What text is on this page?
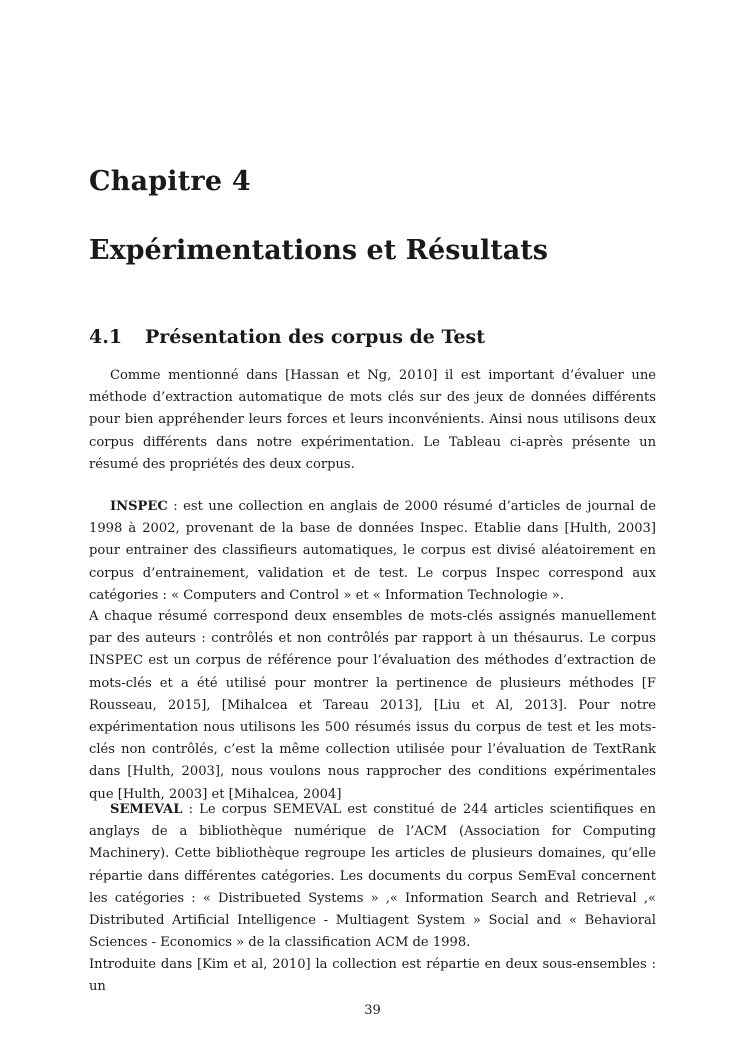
Chapitre 4
Expérimentations et Résultats
4.1 Présentation des corpus de Test

Comme mentionné dans [Hassan et Ng, 2010] il est important d’évaluer une méthode d’extraction automatique de mots clés sur des jeux de données différents pour bien appréhender leurs forces et leurs inconvénients. Ainsi nous utilisons deux corpus différents dans notre expérimentation. Le Tableau ci-après présente un résumé des propriétés des deux corpus.

INSPEC : est une collection en anglais de 2000 résumé d’articles de journal de 1998 à 2002, provenant de la base de données Inspec. Etablie dans [Hulth, 2003] pour entrainer des classifieurs automatiques, le corpus est divisé aléatoirement en corpus d’entrainement, validation et de test. Le corpus Inspec correspond aux catégories : « Computers and Control » et « Information Technologie ».

A chaque résumé correspond deux ensembles de mots-clés assignés manuellement par des auteurs : contrôlés et non contrôlés par rapport à un thésaurus. Le corpus INSPEC est un corpus de référence pour l’évaluation des méthodes d’extraction de mots-clés et a été utilisé pour montrer la pertinence de plusieurs méthodes [F Rousseau, 2015], [Mihalcea et Tareau 2013], [Liu et Al, 2013]. Pour notre expérimentation nous utilisons les 500 résumés issus du corpus de test et les mots-clés non contrôlés, c’est la même collection utilisée pour l’évaluation de TextRank dans [Hulth, 2003], nous voulons nous rapprocher des conditions expérimentales que [Hulth, 2003] et [Mihalcea, 2004]

SEMEVAL : Le corpus SEMEVAL est constitué de 244 articles scientifiques en anglays de a bibliothèque numérique de l’ACM (Association for Computing Machinery). Cette bibliothèque regroupe les articles de plusieurs domaines, qu’elle répartie dans différentes catégories. Les documents du corpus SemEval concernent les catégories : « Distribueted Systems » ,« Information Search and Retrieval ,« Distributed Artificial Intelligence - Multiagent System » Social and « Behavioral Sciences - Economics » de la classification ACM de 1998.

Introduite dans [Kim et al, 2010] la collection est répartie en deux sous-ensembles : un

39
